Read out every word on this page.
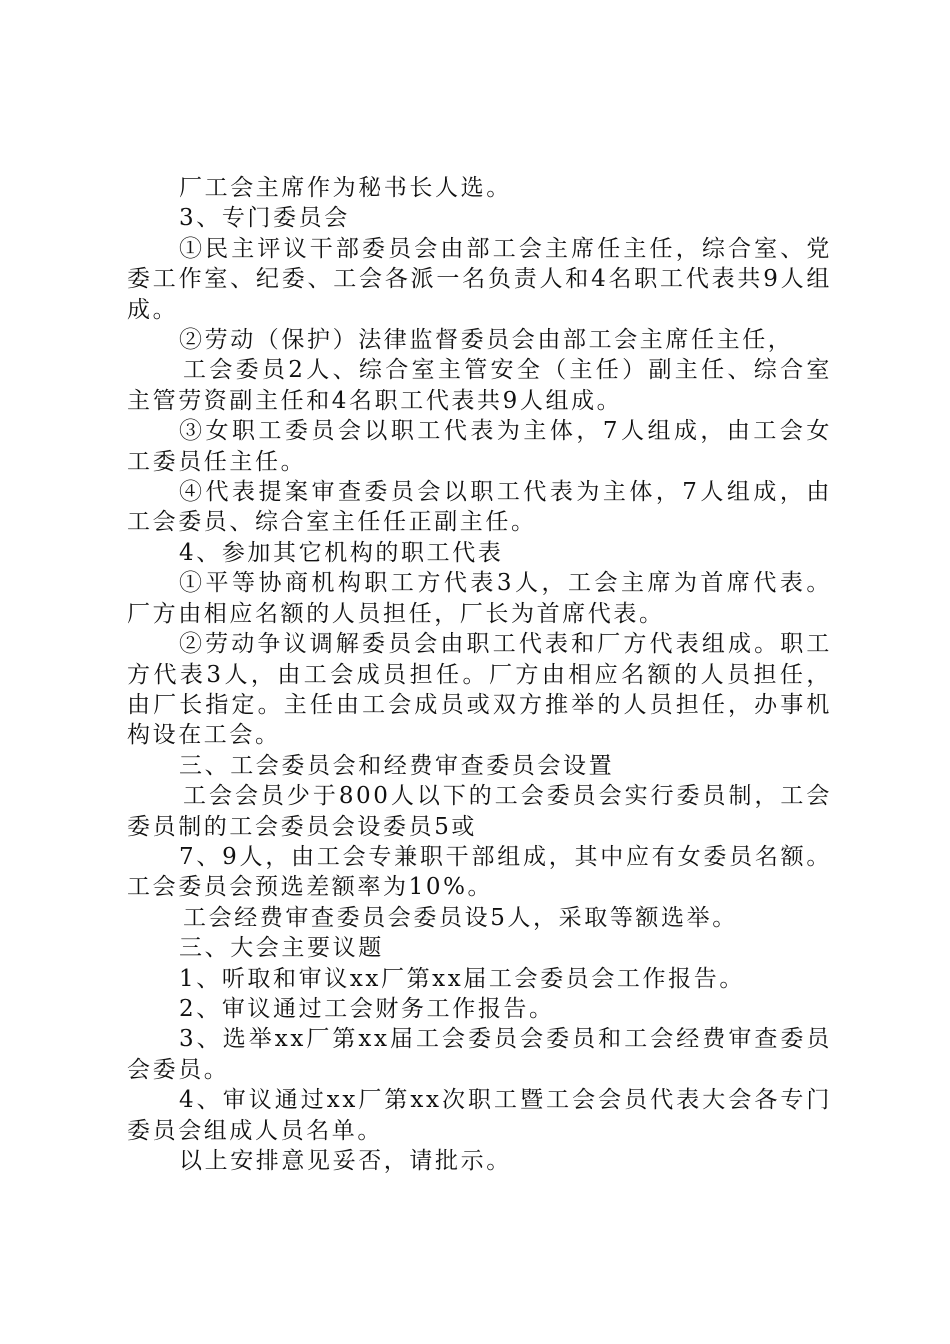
厂工会主席作为秘书长人选。

3、专门委员会

①民主评议干部委员会由部工会主席任主任，综合室、党委工作室、纪委、工会各派一名负责人和4名职工代表共9人组成。

②劳动（保护）法律监督委员会由部工会主席任主任，

工会委员2人、综合室主管安全（主任）副主任、综合室主管劳资副主任和4名职工代表共9人组成。

③女职工委员会以职工代表为主体，7人组成，由工会女工委员任主任。

④代表提案审查委员会以职工代表为主体，7人组成，由工会委员、综合室主任任正副主任。

4、参加其它机构的职工代表

①平等协商机构职工方代表3人，工会主席为首席代表。厂方由相应名额的人员担任，厂长为首席代表。

②劳动争议调解委员会由职工代表和厂方代表组成。职工方代表3人，由工会成员担任。厂方由相应名额的人员担任，由厂长指定。主任由工会成员或双方推举的人员担任，办事机构设在工会。

三、工会委员会和经费审查委员会设置

工会会员少于800人以下的工会委员会实行委员制，工会委员制的工会委员会设委员5或

7、9人，由工会专兼职干部组成，其中应有女委员名额。工会委员会预选差额率为10%。

工会经费审查委员会委员设5人，采取等额选举。

三、大会主要议题

1、听取和审议xx厂第xx届工会委员会工作报告。

2、审议通过工会财务工作报告。

3、选举xx厂第xx届工会委员会委员和工会经费审查委员会委员。

4、审议通过xx厂第xx次职工暨工会会员代表大会各专门委员会组成人员名单。

以上安排意见妥否，请批示。
